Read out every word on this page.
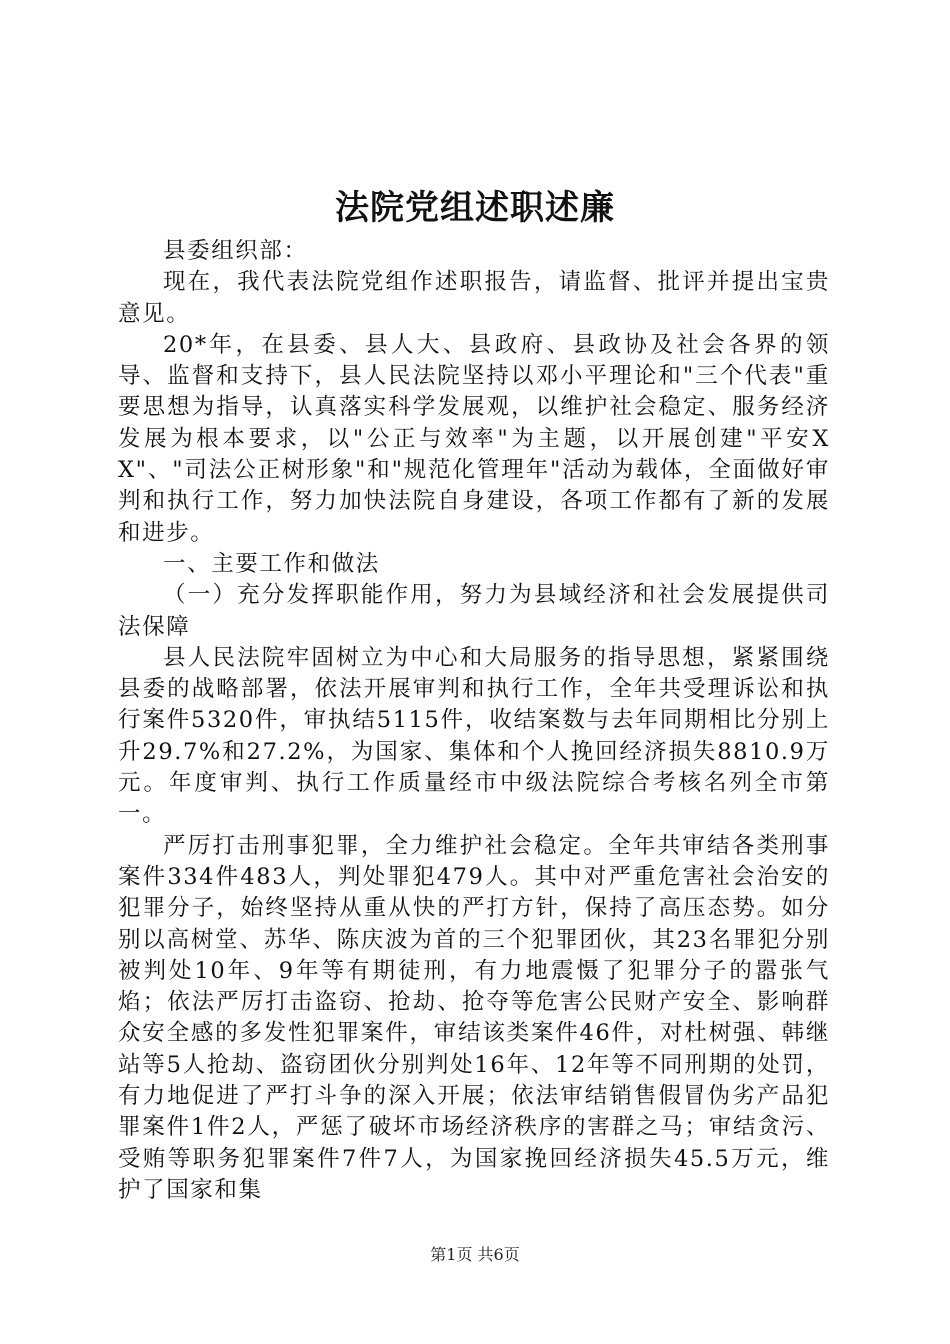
法院党组述职述廉

县委组织部：

现在，我代表法院党组作述职报告，请监督、批评并提出宝贵意见。

20*年，在县委、县人大、县政府、县政协及社会各界的领导、监督和支持下，县人民法院坚持以邓小平理论和"三个代表"重要思想为指导，认真落实科学发展观，以维护社会稳定、服务经济发展为根本要求，以"公正与效率"为主题，以开展创建"平安XX"、"司法公正树形象"和"规范化管理年"活动为载体，全面做好审判和执行工作，努力加快法院自身建设，各项工作都有了新的发展和进步。

一、主要工作和做法

（一）充分发挥职能作用，努力为县域经济和社会发展提供司法保障

县人民法院牢固树立为中心和大局服务的指导思想，紧紧围绕县委的战略部署，依法开展审判和执行工作，全年共受理诉讼和执行案件5320件，审执结5115件，收结案数与去年同期相比分别上升29.7%和27.2%，为国家、集体和个人挽回经济损失8810.9万元。年度审判、执行工作质量经市中级法院综合考核名列全市第一。

严厉打击刑事犯罪，全力维护社会稳定。全年共审结各类刑事案件334件483人，判处罪犯479人。其中对严重危害社会治安的犯罪分子，始终坚持从重从快的严打方针，保持了高压态势。如分别以高树堂、苏华、陈庆波为首的三个犯罪团伙，其23名罪犯分别被判处10年、9年等有期徒刑，有力地震慑了犯罪分子的嚣张气焰；依法严厉打击盗窃、抢劫、抢夺等危害公民财产安全、影响群众安全感的多发性犯罪案件，审结该类案件46件，对杜树强、韩继站等5人抢劫、盗窃团伙分别判处16年、12年等不同刑期的处罚，有力地促进了严打斗争的深入开展；依法审结销售假冒伪劣产品犯罪案件1件2人，严惩了破坏市场经济秩序的害群之马；审结贪污、受贿等职务犯罪案件7件7人，为国家挽回经济损失45.5万元，维护了国家和集

第1页 共6页
